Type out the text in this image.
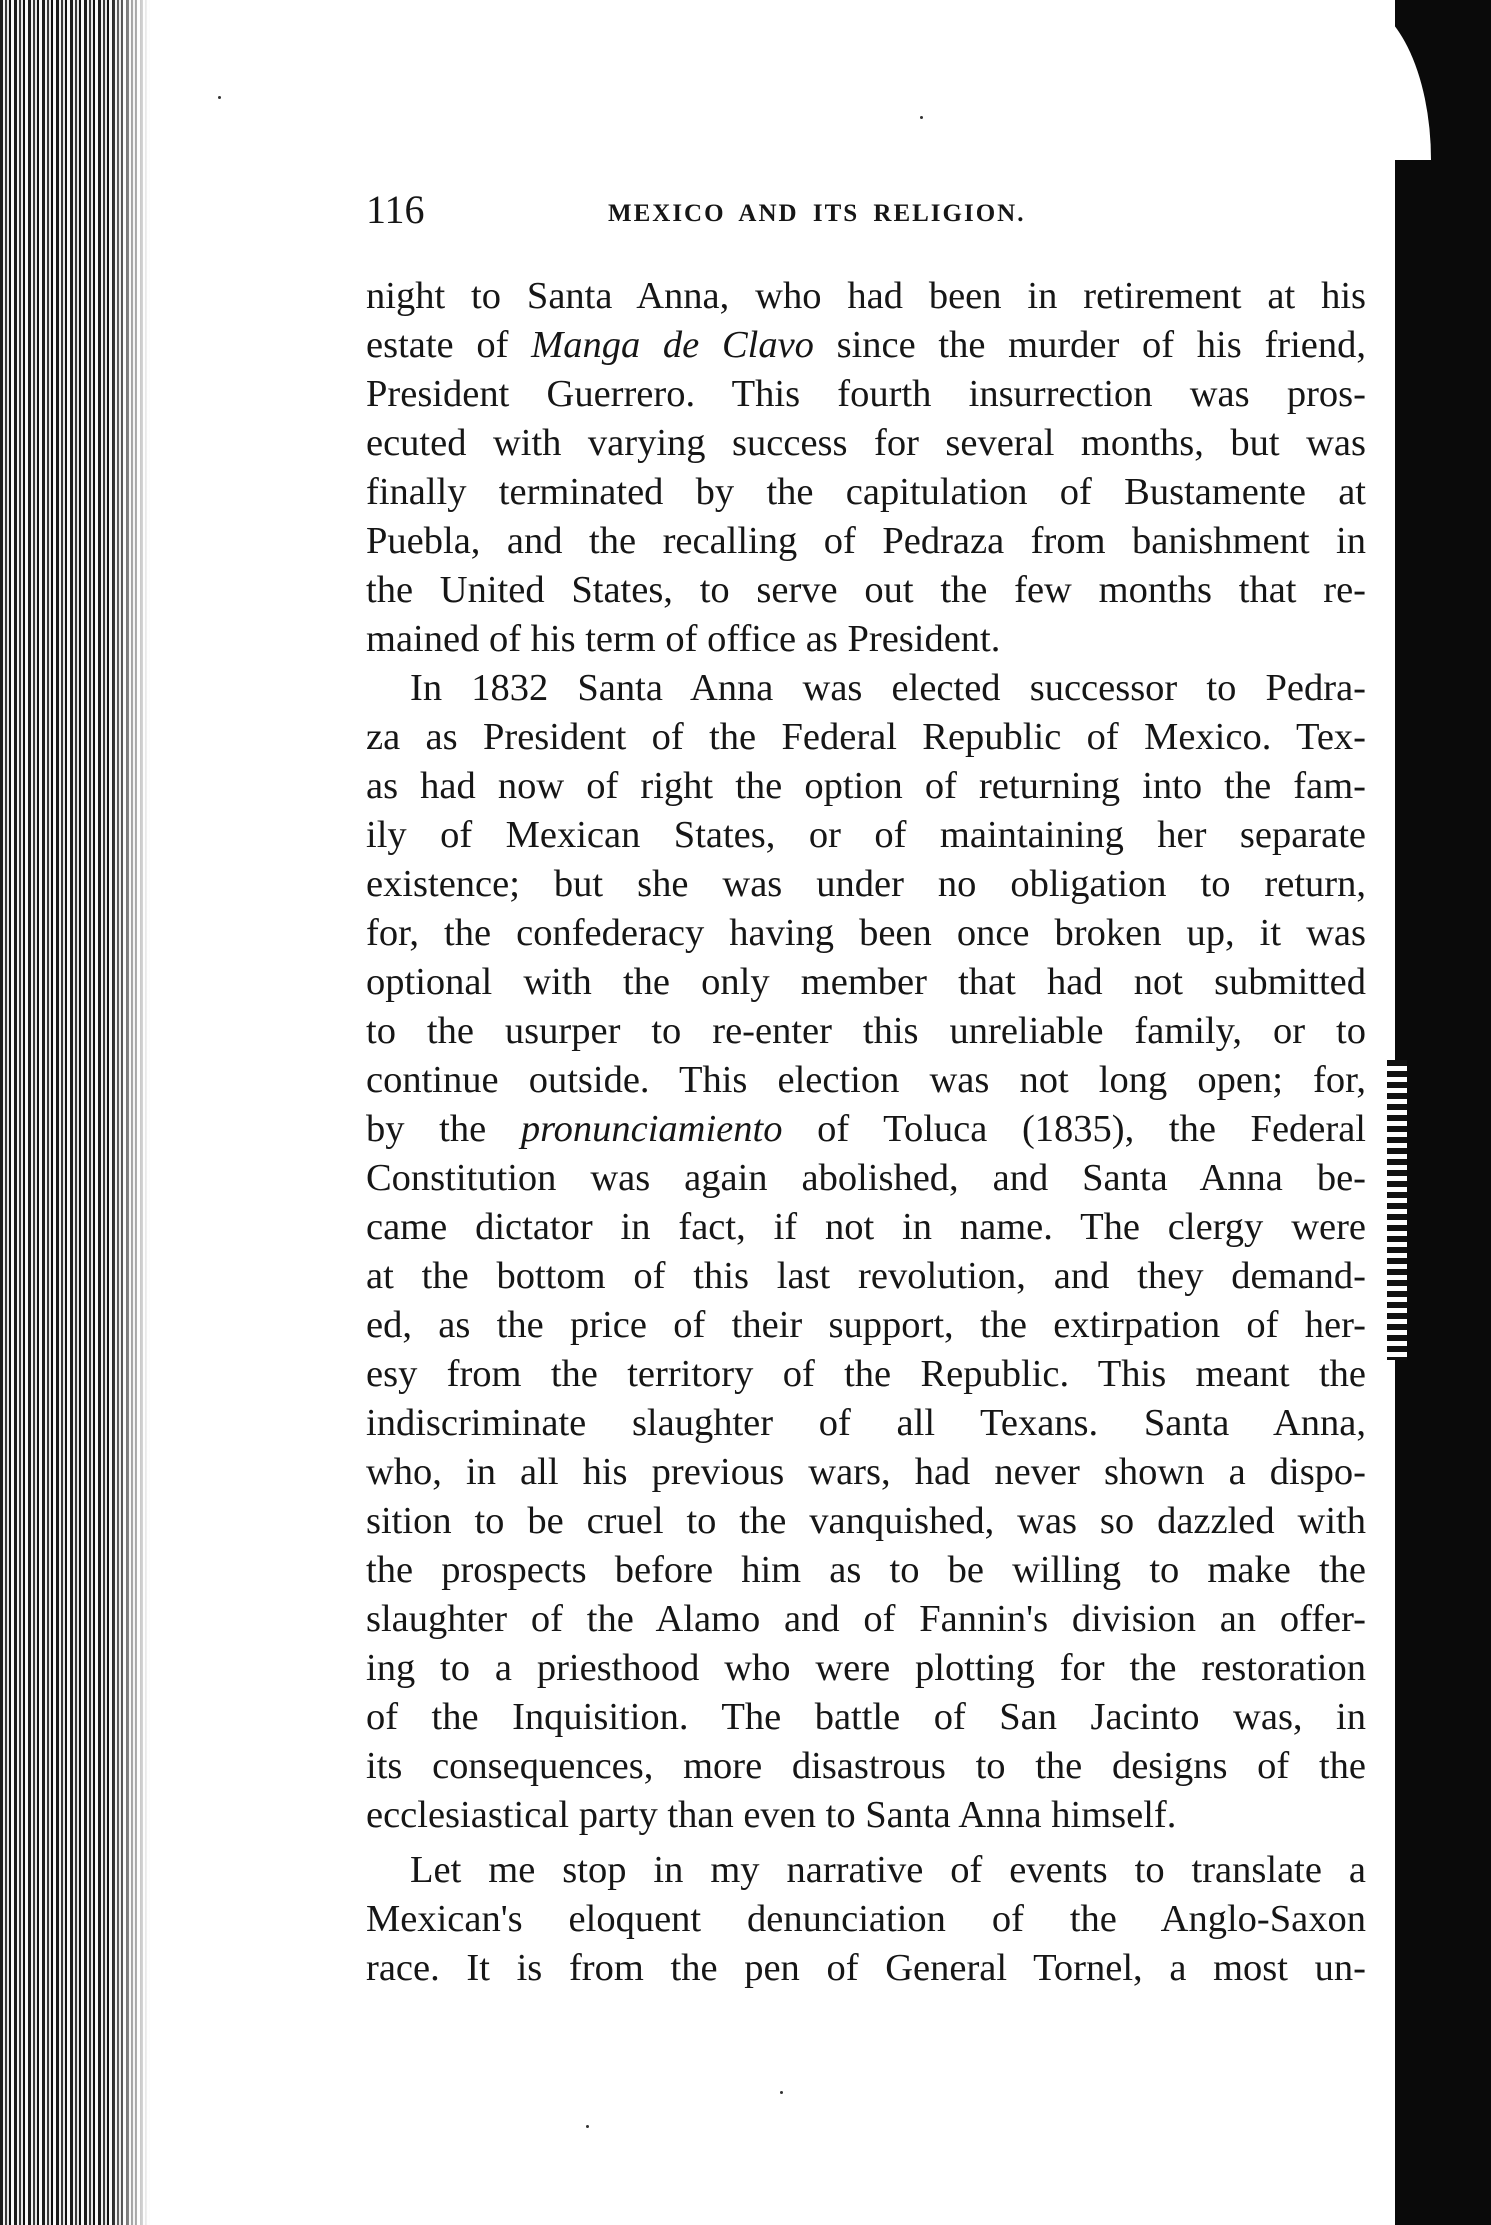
116	MEXICO AND ITS RELIGION.
night to Santa Anna, who had been in retirement at his
estate of Manga de Clavo since the murder of his friend,
President Guerrero. This fourth insurrection was pros-
ecuted with varying success for several months, but was
finally terminated by the capitulation of Bustamente at
Puebla, and the recalling of Pedraza from banishment in
the United States, to serve out the few months that re-
mained of his term of office as President.
In 1832 Santa Anna was elected successor to Pedra-
za as President of the Federal Republic of Mexico. Tex-
as had now of right the option of returning into the fam-
ily of Mexican States, or of maintaining her separate
existence; but she was under no obligation to return,
for, the confederacy having been once broken up, it was
optional with the only member that had not submitted
to the usurper to re-enter this unreliable family, or to
continue outside. This election was not long open; for,
by the pronunciamiento of Toluca (1835), the Federal
Constitution was again abolished, and Santa Anna be-
came dictator in fact, if not in name. The clergy were
at the bottom of this last revolution, and they demand-
ed, as the price of their support, the extirpation of her-
esy from the territory of the Republic. This meant the
indiscriminate slaughter of all Texans. Santa Anna,
who, in all his previous wars, had never shown a dispo-
sition to be cruel to the vanquished, was so dazzled with
the prospects before him as to be willing to make the
slaughter of the Alamo and of Fannin's division an offer-
ing to a priesthood who were plotting for the restoration
of the Inquisition. The battle of San Jacinto was, in
its consequences, more disastrous to the designs of the
ecclesiastical party than even to Santa Anna himself.
Let me stop in my narrative of events to translate a
Mexican's eloquent denunciation of the Anglo-Saxon
race. It is from the pen of General Tornel, a most un-
